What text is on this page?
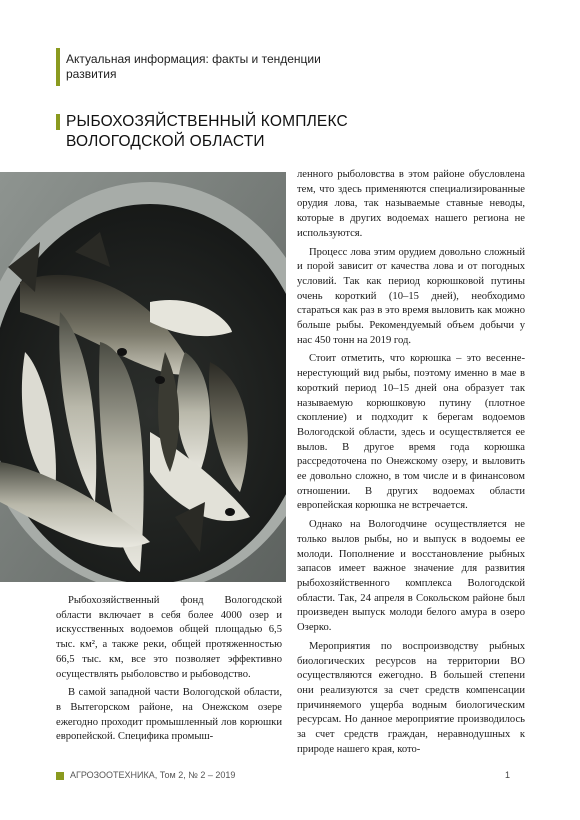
Актуальная информация: факты и тенденции развития
РЫБОХОЗЯЙСТВЕННЫЙ КОМПЛЕКС ВОЛОГОДСКОЙ ОБЛАСТИ

Рыбохозяйственный фонд Вологодской области включает в себя более 4000 озер и искусственных водоемов общей площадью 6,5 тыс. км², а также реки, общей протяженностью 66,5 тыс. км, все это позволяет эффективно осуществлять рыболовство и рыбоводство.

В самой западной части Вологодской области, в Вытегорском районе, на Онежском озере ежегодно проходит промышленный лов корюшки европейской. Специфика промыш-

ленного рыболовства в этом районе обусловлена тем, что здесь применяются специализированные орудия лова, так называемые ставные неводы, которые в других водоемах нашего региона не используются.

Процесс лова этим орудием довольно сложный и порой зависит от качества лова и от погодных условий. Так как период корюшковой путины очень короткий (10–15 дней), необходимо стараться как раз в это время выловить как можно больше рыбы. Рекомендуемый объем добычи у нас 450 тонн на 2019 год.

Стоит отметить, что корюшка – это весенне-нерестующий вид рыбы, поэтому именно в мае в короткий период 10–15 дней она образует так называемую корюшковую путину (плотное скопление) и подходит к берегам водоемов Вологодской области, здесь и осуществляется ее вылов. В другое время года корюшка рассредоточена по Онежскому озеру, и выловить ее довольно сложно, в том числе и в финансовом отношении. В других водоемах области европейская корюшка не встречается.

Однако на Вологодчине осуществляется не только вылов рыбы, но и выпуск в водоемы ее молоди. Пополнение и восстановление рыбных запасов имеет важное значение для развития рыбохозяйственного комплекса Вологодской области. Так, 24 апреля в Сокольском районе был произведен выпуск молоди белого амура в озеро Озерко.

Мероприятия по воспроизводству рыбных биологических ресурсов на территории ВО осуществляются ежегодно. В большей степени они реализуются за счет средств компенсации причиняемого ущерба водным биологическим ресурсам. Но данное мероприятие производилось за счет средств граждан, неравнодушных к природе нашего края, кото-

АГРОЗООТЕХНИКА, Том 2, № 2 – 2019	1
